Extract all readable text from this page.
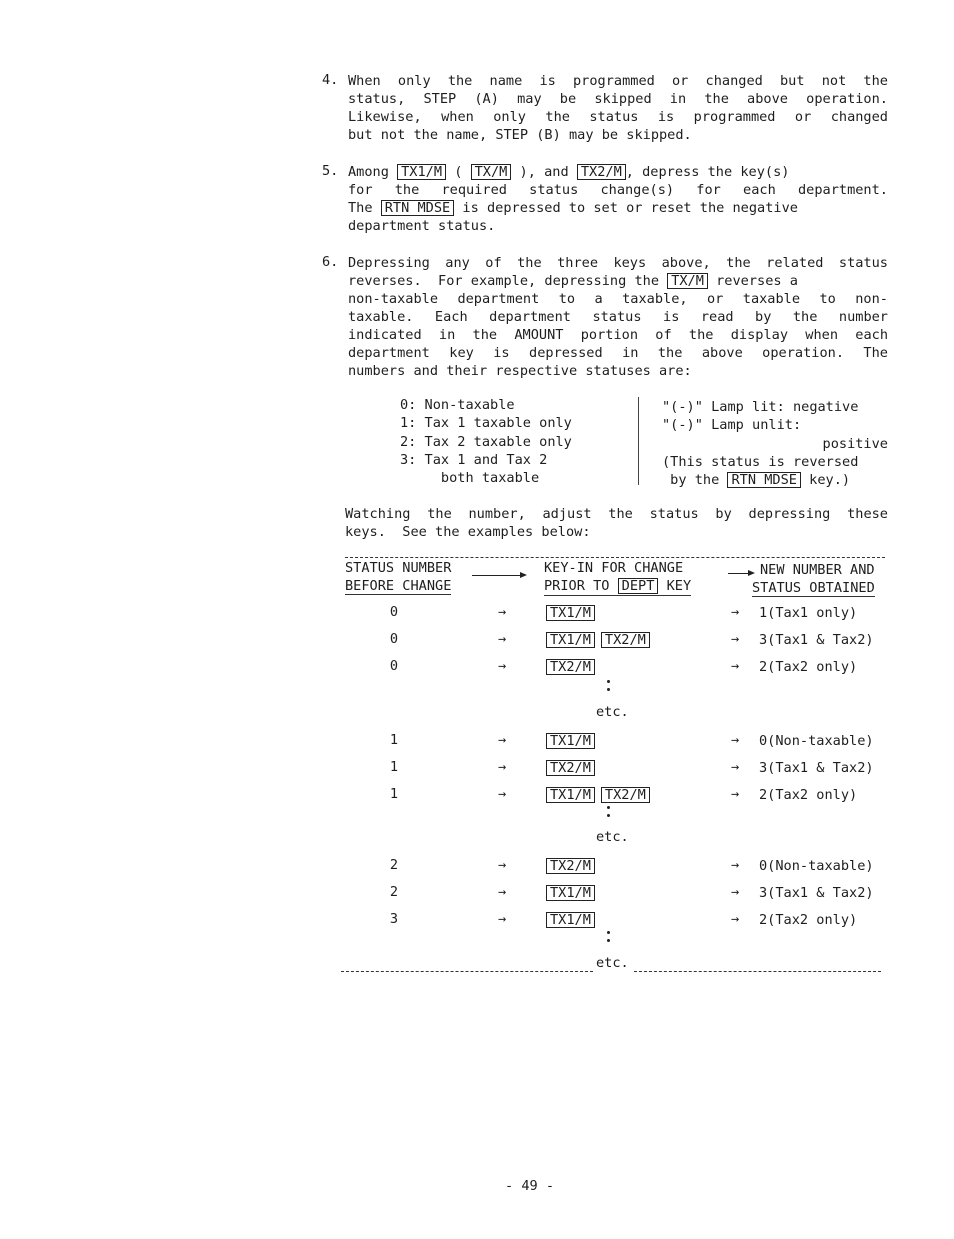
4. When only the name is programmed or changed but not the
status, STEP (A) may be skipped in the above operation.
Likewise, when only the status is programmed or changed
but not the name, STEP (B) may be skipped.
5. Among TX1/M ( TX/M ), and TX2/M , depress the key(s)
for the required status change(s) for each department.
The RTN MDSE is depressed to set or reset the negative
department status.
6. Depressing any of the three keys above, the related status
reverses.  For example, depressing the TX/M reverses a
non-taxable department to a taxable, or taxable to non-
taxable. Each department status is read by the number
indicated in the AMOUNT portion of the display when each
department key is depressed in the above operation. The
numbers and their respective statuses are:
0: Non-taxable
1: Tax 1 taxable only
2: Tax 2 taxable only
3: Tax 1 and Tax 2
both taxable
"(-)" Lamp lit: negative
"(-)" Lamp unlit:
positive
(This status is reversed
by the RTN MDSE key.)
Watching the number, adjust the status by depressing these
keys.  See the examples below:
STATUS NUMBER
BEFORE CHANGE
KEY-IN FOR CHANGE
PRIOR TO DEPT KEY
NEW NUMBER AND
STATUS OBTAINED
0	→	TX1/M	→ 1(Tax1 only)
0	→	TX1/M TX2/M	→ 3(Tax1 & Tax2)
0	→	TX2/M	→ 2(Tax2 only)
1	→	TX1/M	→ 0(Non-taxable)
1	→	TX2/M	→ 3(Tax1 & Tax2)
1	→	TX1/M TX2/M	→ 2(Tax2 only)
2	→	TX2/M	→ 0(Non-taxable)
2	→	TX1/M	→ 3(Tax1 & Tax2)
3	→	TX1/M	→ 2(Tax2 only)
etc.
etc.
etc.
- 49 -
